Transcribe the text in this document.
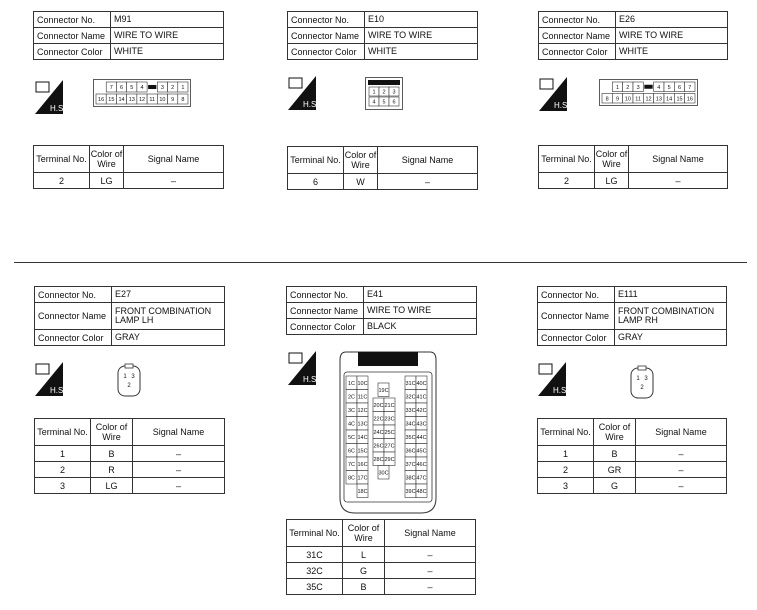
Connector No.	M91
Connector Name	WIRE TO WIRE
Connector Color	WHITE
H.S.
7 6 5 4	3 2 1
16 15 14 13 12 11 10 9 8
Terminal No.	Color of Wire	Signal Name
2	LG	–
Connector No.	E10
Connector Name	WIRE TO WIRE
Connector Color	WHITE
H.S.
1 2 3
4 5 6
Terminal No.	Color of Wire	Signal Name
6	W	–
Connector No.	E26
Connector Name	WIRE TO WIRE
Connector Color	WHITE
H.S.
1 2 3	4 5 6 7
8 9 10 11 12 13 14 15 16
Terminal No.	Color of Wire	Signal Name
2	LG	–
Connector No.	E27
Connector Name	FRONT COMBINATION LAMP LH
Connector Color	GRAY
H.S.
1 3
2
Terminal No.	Color of Wire	Signal Name
1	B	–
2	R	–
3	LG	–
Connector No.	E41
Connector Name	WIRE TO WIRE
Connector Color	BLACK
H.S.	1C
2C
3C
4C
5C
6C
7C
8C
10C
11C
12C
13C
14C
15C
16C
17C
18C
19C
20C 21C
22C 23C
24C 25C
26C 27C
28C 29C
30C
31C
32C
33C
34C
35C
36C
37C
38C
39C
40C
41C
42C
43C
44C
45C
46C
47C
48C
Terminal No.	Color of Wire	Signal Name
31C	L	–
32C	G	–
35C	B	–
Connector No.	E111
Connector Name	FRONT COMBINATION LAMP RH
Connector Color	GRAY
H.S.
1 3
2
Terminal No.	Color of Wire	Signal Name
1	B	–
2	GR	–
3	G	–
